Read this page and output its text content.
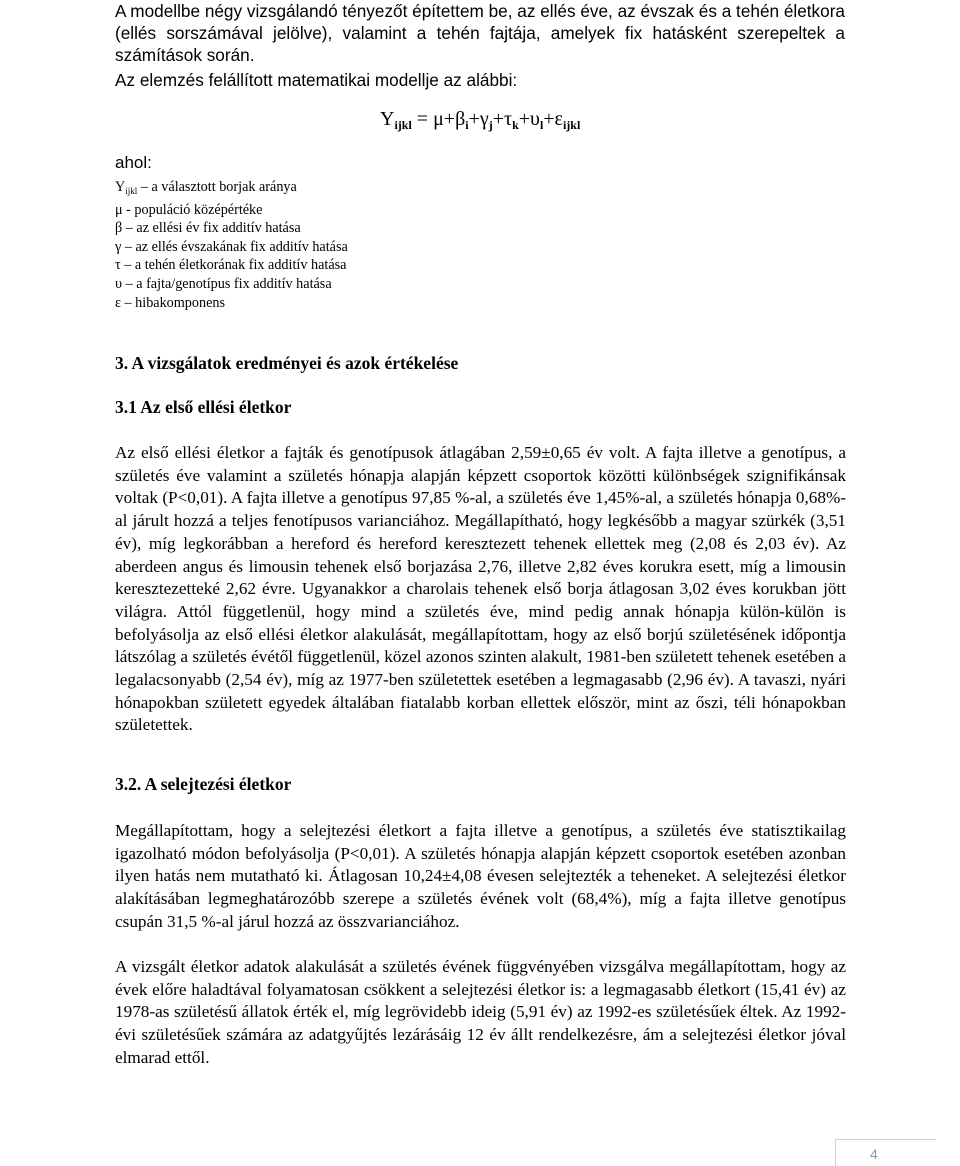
A modellbe négy vizsgálandó tényezőt építettem be, az ellés éve, az évszak és a tehén életkora (ellés sorszámával jelölve), valamint a tehén fajtája, amelyek fix hatásként szerepeltek a számítások során.

Az elemzés felállított matematikai modellje az alábbi:

$Y_{ijkl} = \mu+\beta_i+\gamma_j+\tau_k+\upsilon_l+\varepsilon_{ijkl}$
ahol:
$Y_{ijkl}$ – a választott borjak aránya
μ - populáció középértéke
β – az ellési év fix additív hatása
γ – az ellés évszakának fix additív hatása
τ – a tehén életkorának fix additív hatása
υ – a fajta/genotípus fix additív hatása
ε – hibakomponens
3. A vizsgálatok eredményei és azok értékelése
3.1 Az első ellési életkor

Az első ellési életkor a fajták és genotípusok átlagában 2,59±0,65 év volt. A fajta illetve a genotípus, a születés éve valamint a születés hónapja alapján képzett csoportok közötti különbségek szignifikánsak voltak (P<0,01). A fajta illetve a genotípus 97,85 %-al, a születés éve 1,45%-al, a születés hónapja 0,68%-al járult hozzá a teljes fenotípusos varianciához. Megállapítható, hogy legkésőbb a magyar szürkék (3,51 év), míg legkorábban a hereford és hereford keresztezett tehenek ellettek meg (2,08 és 2,03 év). Az aberdeen angus és limousin tehenek első borjazása 2,76, illetve 2,82 éves korukra esett, míg a limousin keresztezetteké 2,62 évre. Ugyanakkor a charolais tehenek első borja átlagosan 3,02 éves korukban jött világra. Attól függetlenül, hogy mind a születés éve, mind pedig annak hónapja külön-külön is befolyásolja az első ellési életkor alakulását, megállapítottam, hogy az első borjú születésének időpontja látszólag a születés évétől függetlenül, közel azonos szinten alakult, 1981-ben született tehenek esetében a legalacsonyabb (2,54 év), míg az 1977-ben születettek esetében a legmagasabb (2,96 év). A tavaszi, nyári hónapokban született egyedek általában fiatalabb korban ellettek először, mint az őszi, téli hónapokban születettek.

3.2. A selejtezési életkor

Megállapítottam, hogy a selejtezési életkort a fajta illetve a genotípus, a születés éve statisztikailag igazolható módon befolyásolja (P<0,01). A születés hónapja alapján képzett csoportok esetében azonban ilyen hatás nem mutatható ki. Átlagosan 10,24±4,08 évesen selejtezték a teheneket. A selejtezési életkor alakításában legmeghatározóbb szerepe a születés évének volt (68,4%), míg a fajta illetve genotípus csupán 31,5 %-al járul hozzá az összvarianciához.

A vizsgált életkor adatok alakulását a születés évének függvényében vizsgálva megállapítottam, hogy az évek előre haladtával folyamatosan csökkent a selejtezési életkor is: a legmagasabb életkort (15,41 év) az 1978-as születésű állatok érték el, míg legrövidebb ideig (5,91 év) az 1992-es születésűek éltek. Az 1992-évi születésűek számára az adatgyűjtés lezárásáig 12 év állt rendelkezésre, ám a selejtezési életkor jóval elmarad ettől.

4
